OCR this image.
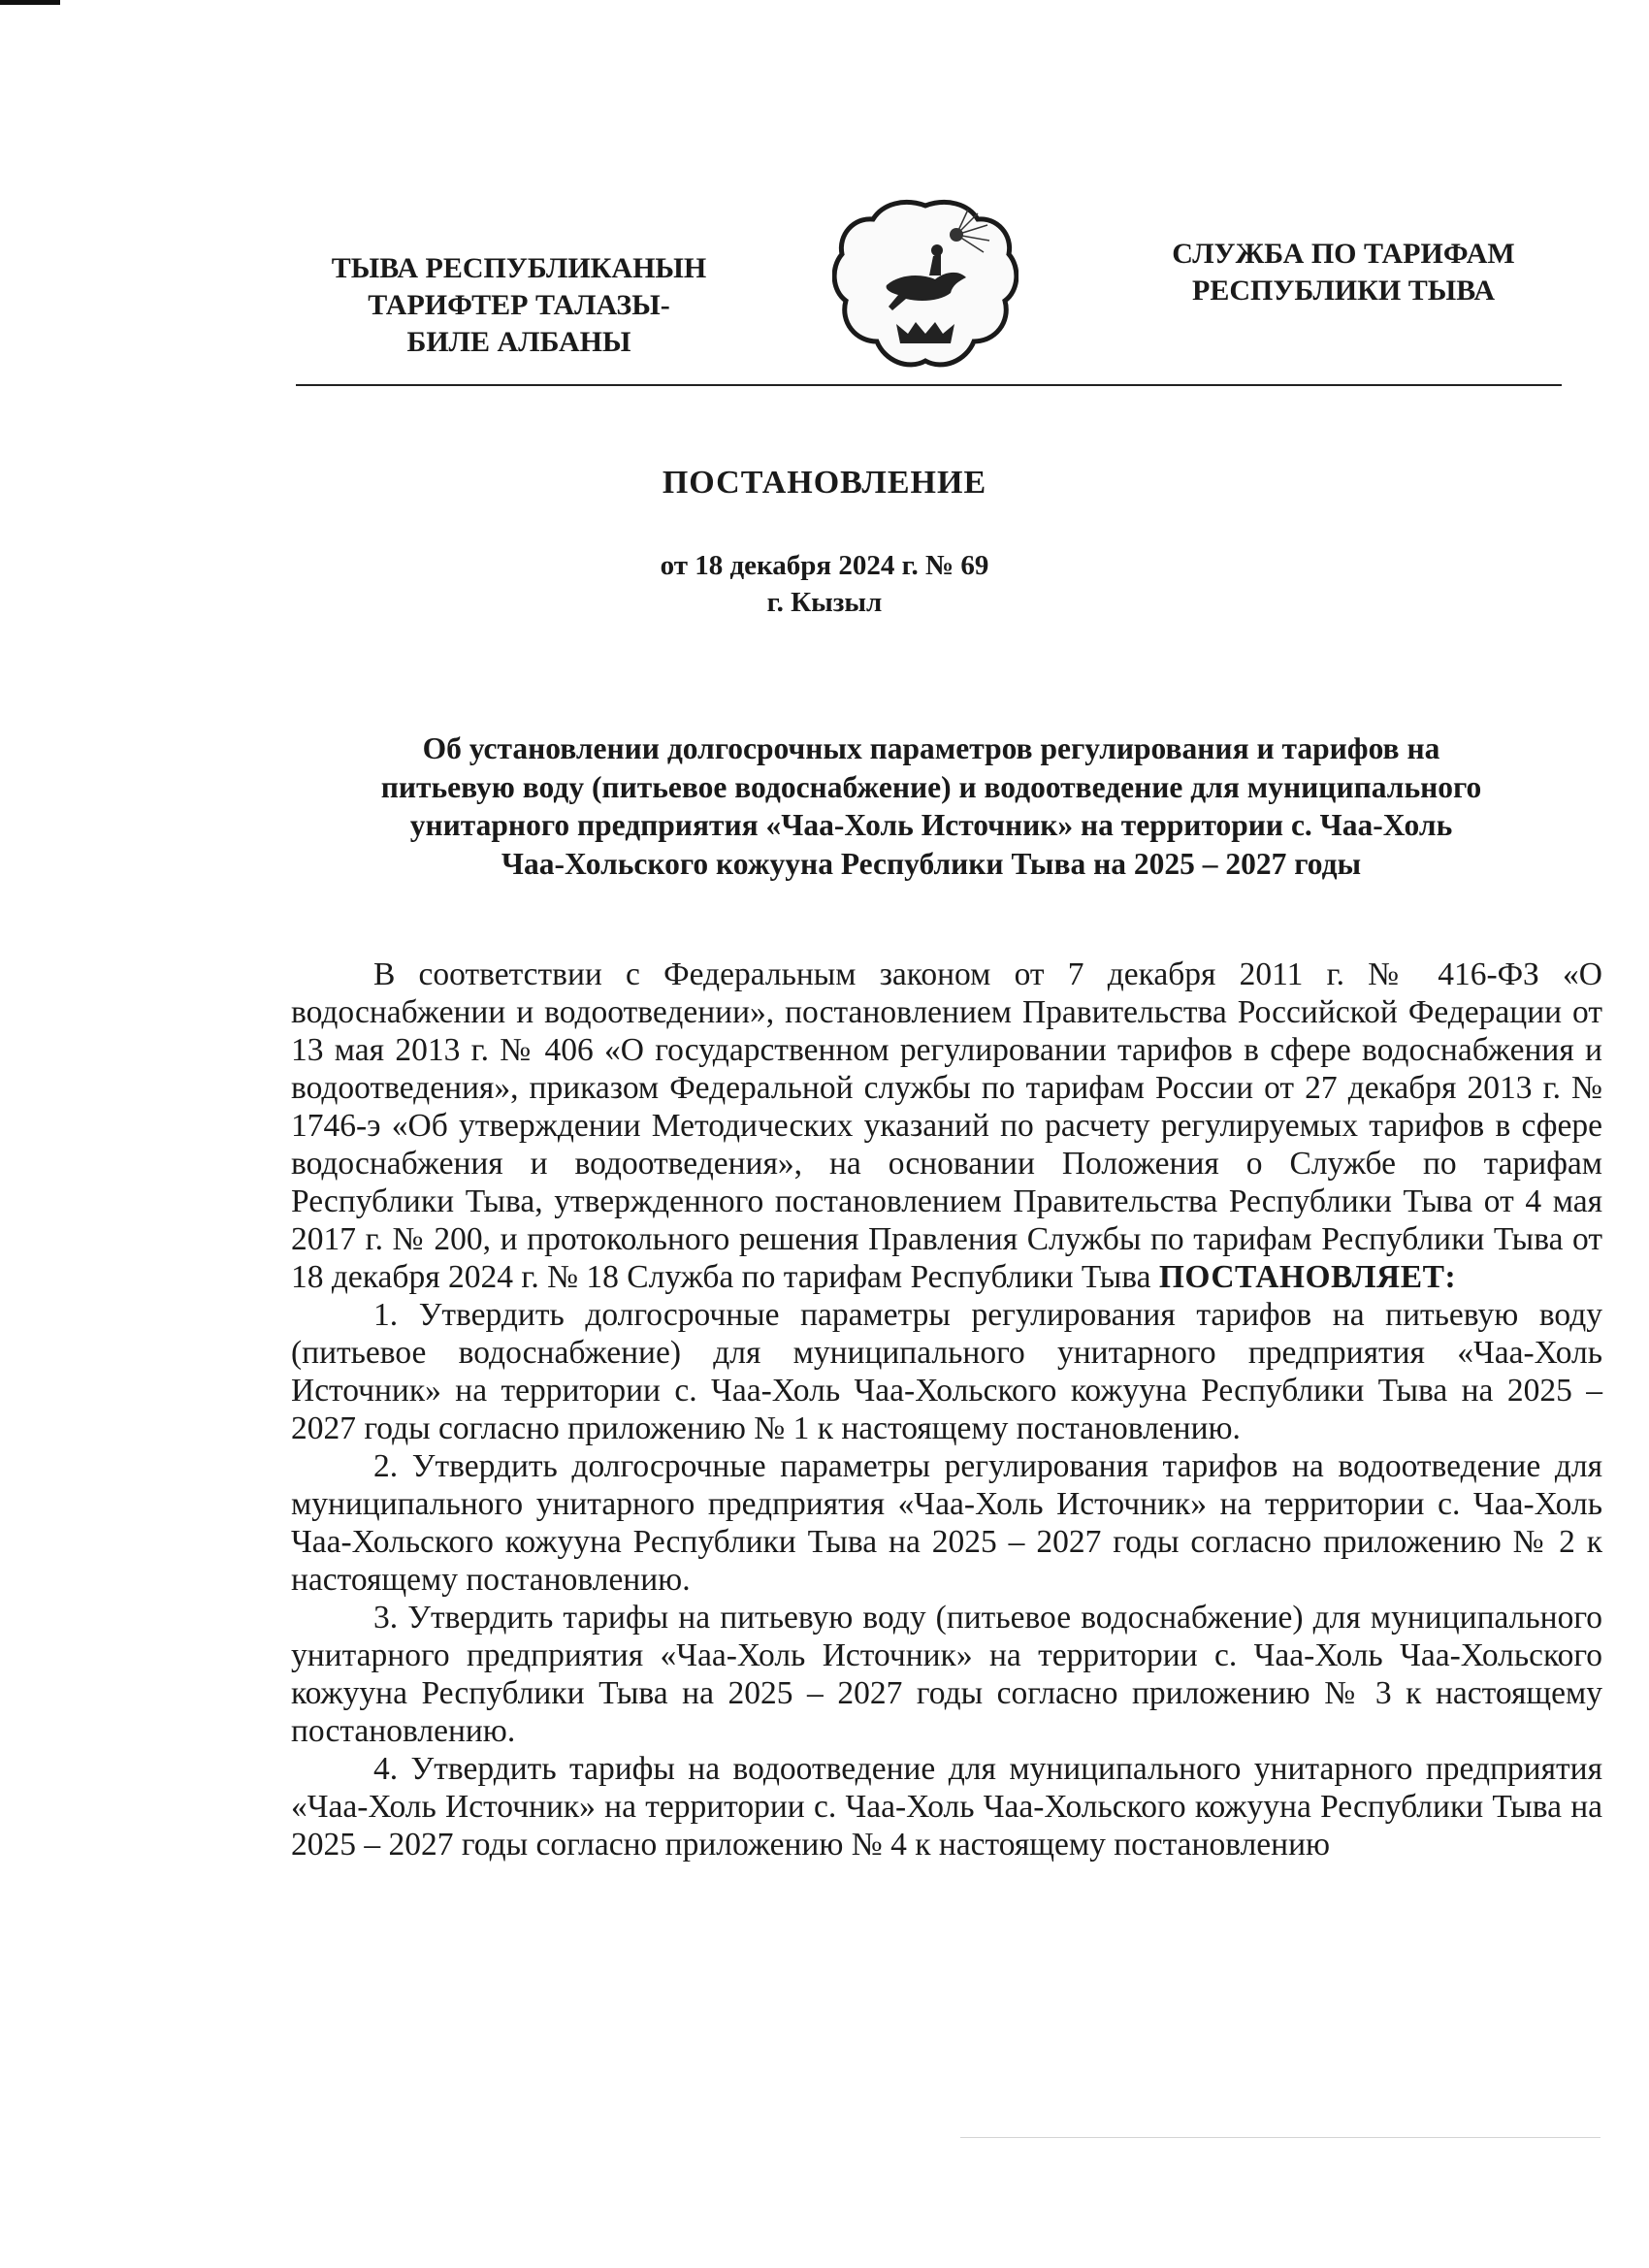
ТЫВА РЕСПУБЛИКАНЫН
ТАРИФТЕР ТАЛАЗЫ-
БИЛЕ АЛБАНЫ
СЛУЖБА ПО ТАРИФАМ
РЕСПУБЛИКИ ТЫВА
ПОСТАНОВЛЕНИЕ
от 18 декабря 2024 г. № 69
г. Кызыл
Об установлении долгосрочных параметров регулирования и тарифов на
питьевую воду (питьевое водоснабжение) и водоотведение для муниципального
унитарного предприятия «Чаа-Холь Источник» на территории с. Чаа-Холь
Чаа-Хольского кожууна Республики Тыва на 2025 – 2027 годы

В соответствии с Федеральным законом от 7 декабря 2011 г. № 416-ФЗ «О водоснабжении и водоотведении», постановлением Правительства Российской Федерации от 13 мая 2013 г. № 406 «О государственном регулировании тарифов в сфере водоснабжения и водоотведения», приказом Федеральной службы по тарифам России от 27 декабря 2013 г. № 1746-э «Об утверждении Методических указаний по расчету регулируемых тарифов в сфере водоснабжения и водоотведения», на основании Положения о Службе по тарифам Республики Тыва, утвержденного постановлением Правительства Республики Тыва от 4 мая 2017 г. № 200, и протокольного решения Правления Службы по тарифам Республики Тыва от 18 декабря 2024 г. № 18 Служба по тарифам Республики Тыва ПОСТАНОВЛЯЕТ:

1. Утвердить долгосрочные параметры регулирования тарифов на питьевую воду (питьевое водоснабжение) для муниципального унитарного предприятия «Чаа-Холь Источник» на территории с. Чаа-Холь Чаа-Хольского кожууна Республики Тыва на 2025 – 2027 годы согласно приложению № 1 к настоящему постановлению.

2. Утвердить долгосрочные параметры регулирования тарифов на водоотведение для муниципального унитарного предприятия «Чаа-Холь Источник» на территории с. Чаа-Холь Чаа-Хольского кожууна Республики Тыва на 2025 – 2027 годы согласно приложению № 2 к настоящему постановлению.

3. Утвердить тарифы на питьевую воду (питьевое водоснабжение) для муниципального унитарного предприятия «Чаа-Холь Источник» на территории с. Чаа-Холь Чаа-Хольского кожууна Республики Тыва на 2025 – 2027 годы согласно приложению № 3 к настоящему постановлению.

4. Утвердить тарифы на водоотведение для муниципального унитарного предприятия «Чаа-Холь Источник» на территории с. Чаа-Холь Чаа-Хольского кожууна Республики Тыва на 2025 – 2027 годы согласно приложению № 4 к настоящему постановлению
